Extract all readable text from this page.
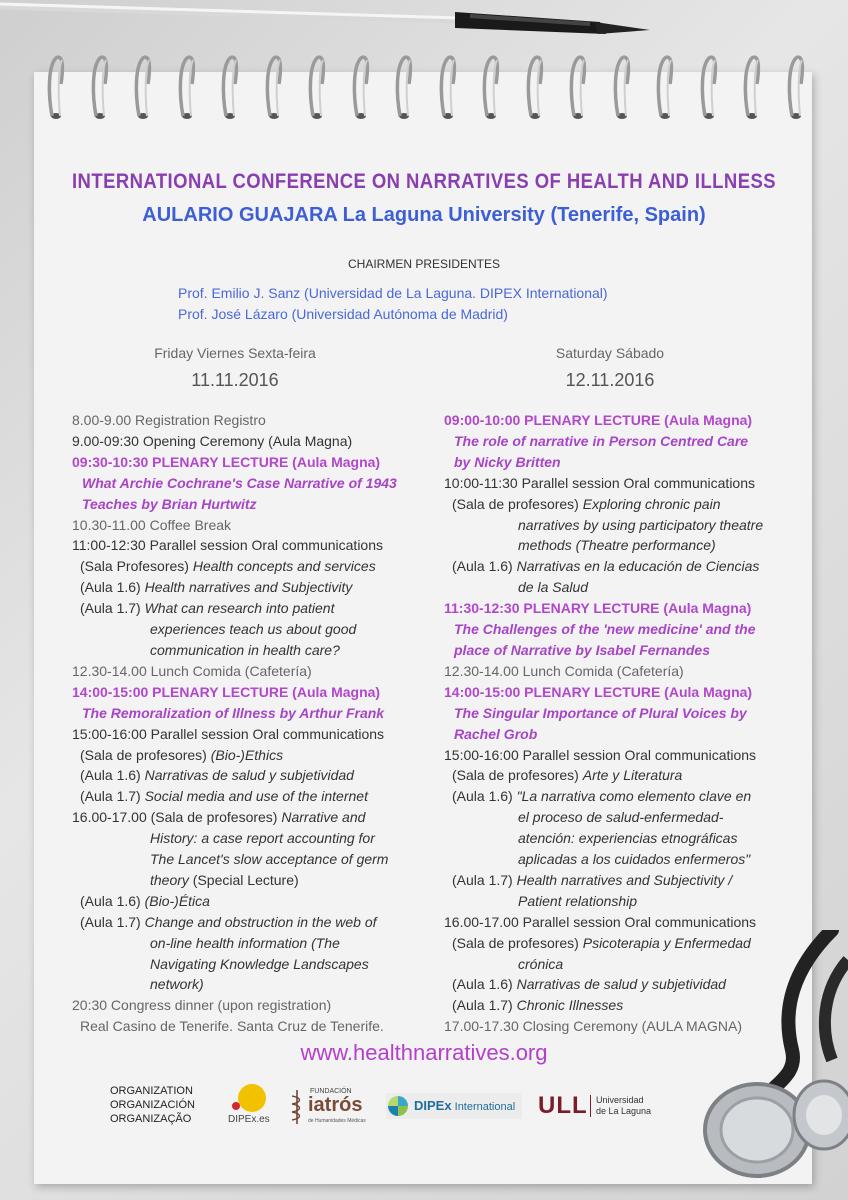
INTERNATIONAL CONFERENCE ON NARRATIVES OF HEALTH AND ILLNESS
AULARIO GUAJARA La Laguna University (Tenerife, Spain)
CHAIRMEN PRESIDENTES
Prof. Emilio J. Sanz (Universidad de La Laguna. DIPEX International)
Prof. José Lázaro (Universidad Autónoma de Madrid)
Friday Viernes Sexta-feira
11.11.2016
Saturday Sábado
12.11.2016
8.00-9.00 Registration Registro
9.00-09:30 Opening Ceremony (Aula Magna)
09:30-10:30 PLENARY LECTURE (Aula Magna)
What Archie Cochrane's Case Narrative of 1943
Teaches by Brian Hurtwitz
10.30-11.00 Coffee Break
11:00-12:30 Parallel session Oral communications
(Sala Profesores) Health concepts and services
(Aula 1.6) Health narratives and Subjectivity
(Aula 1.7) What can research into patient
experiences teach us about good
communication in health care?
12.30-14.00 Lunch Comida (Cafetería)
14:00-15:00 PLENARY LECTURE (Aula Magna)
The Remoralization of Illness by Arthur Frank
15:00-16:00 Parallel session Oral communications
(Sala de profesores) (Bio-)Ethics
(Aula 1.6) Narrativas de salud y subjetividad
(Aula 1.7) Social media and use of the internet
16.00-17.00 (Sala de profesores) Narrative and
History: a case report accounting for
The Lancet's slow acceptance of germ
theory (Special Lecture)
(Aula 1.6) (Bio-)Ética
(Aula 1.7) Change and obstruction in the web of
on-line health information (The
Navigating Knowledge Landscapes
network)
20:30 Congress dinner (upon registration)
Real Casino de Tenerife. Santa Cruz de Tenerife.
09:00-10:00 PLENARY LECTURE (Aula Magna)
The role of narrative in Person Centred Care
by Nicky Britten
10:00-11:30 Parallel session Oral communications
(Sala de profesores) Exploring chronic pain
narratives by using participatory theatre
methods (Theatre performance)
(Aula 1.6) Narrativas en la educación de Ciencias
de la Salud
11:30-12:30 PLENARY LECTURE (Aula Magna)
The Challenges of the 'new medicine' and the
place of Narrative by Isabel Fernandes
12.30-14.00 Lunch Comida (Cafetería)
14:00-15:00 PLENARY LECTURE (Aula Magna)
The Singular Importance of Plural Voices by
Rachel Grob
15:00-16:00 Parallel session Oral communications
(Sala de profesores) Arte y Literatura
(Aula 1.6) "La narrativa como elemento clave en
el proceso de salud-enfermedad-
atención: experiencias etnográficas
aplicadas a los cuidados enfermeros"
(Aula 1.7) Health narratives and Subjectivity /
Patient relationship
16.00-17.00 Parallel session Oral communications
(Sala de profesores) Psicoterapia y Enfermedad
crónica
(Aula 1.6) Narrativas de salud y subjetividad
(Aula 1.7) Chronic Illnesses
17.00-17.30 Closing Ceremony (AULA MAGNA)
www.healthnarratives.org
ORGANIZATION
ORGANIZACIÓN
ORGANIZAÇÃO	DIPEx.es
FUNDACIÓN
iatrós
de Humanidades Médicas
DIPEx International ULL Universidad
de La Laguna
